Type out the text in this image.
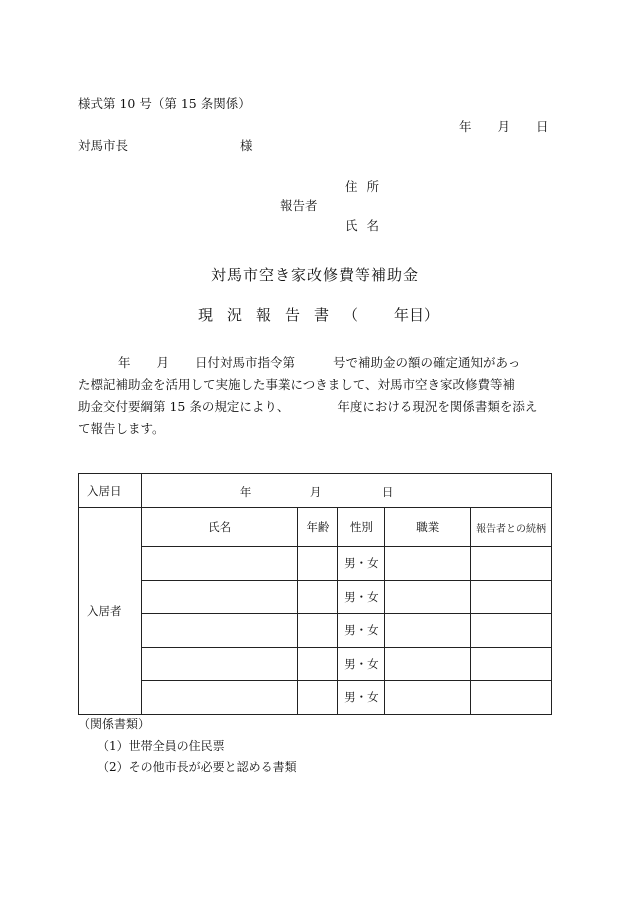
様式第 10 号（第 15 条関係）
年 月 日
対馬市長	様
住所
報告者
氏名
対馬市空き家改修費等補助金
現況報告書（ 年目）
年 月 日付対馬市指令第	号で補助金の額の確定通知があっ
た標記補助金を活用して実施した事業につきまして、対馬市空き家改修費等補
助金交付要綱第 15 条の規定により、	年度における現況を関係書類を添え
て報告します。
入居日	年 月 日				

入居者	氏名	年齢	性別	職業	報告者との続柄
			男・女		
			男・女		
			男・女		
			男・女		
			男・女		
（関係書類）
（1）世帯全員の住民票
（2）その他市長が必要と認める書類
